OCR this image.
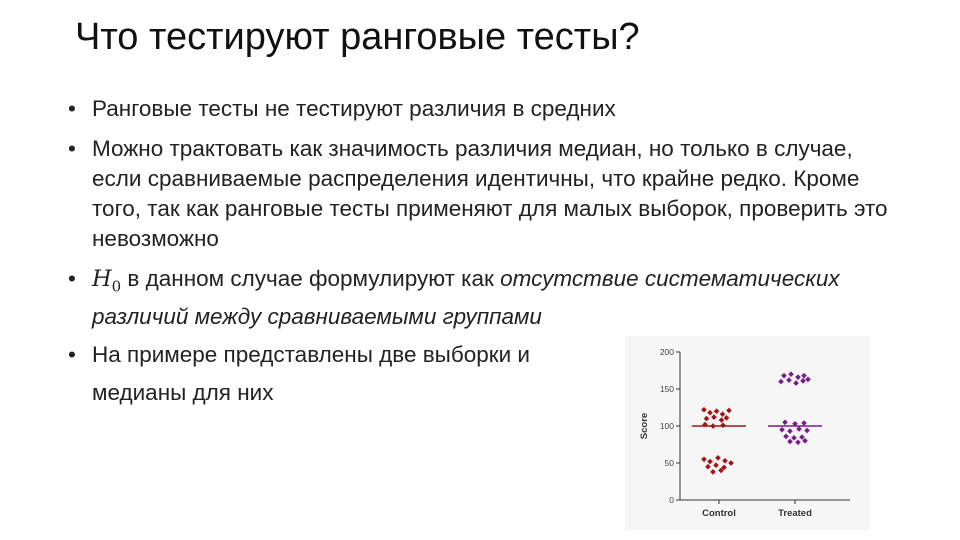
Что тестируют ранговые тесты?
• Ранговые тесты не тестируют различия в средних
• Можно трактовать как значимость различия медиан, но только в случае, если сравниваемые распределения идентичны, что крайне редко. Кроме того, так как ранговые тесты применяют для малых выборок, проверить это невозможно
• $H_0$ в данном случае формулируют как отсутствие систематических различий между сравниваемыми группами
• На примере представлены две выборки и
медианы для них
0
50
100
150
200
Score
Control	Treated
